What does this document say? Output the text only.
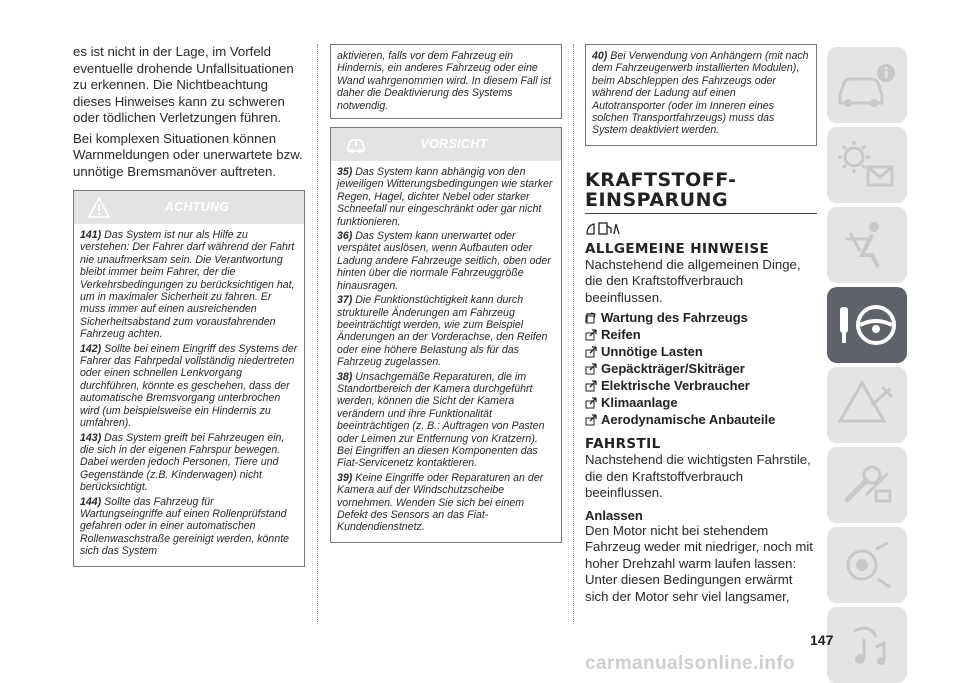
es ist nicht in der Lage, im Vorfeld eventuelle drohende Unfallsituationen zu erkennen. Die Nichtbeachtung dieses Hinweises kann zu schweren oder tödlichen Verletzungen führen.

Bei komplexen Situationen können Warnmeldungen oder unerwartete bzw. unnötige Bremsmanöver auftreten.

ACHTUNG

141) Das System ist nur als Hilfe zu verstehen: Der Fahrer darf während der Fahrt nie unaufmerksam sein. Die Verantwortung bleibt immer beim Fahrer, der die Verkehrsbedingungen zu berücksichtigen hat, um in maximaler Sicherheit zu fahren. Er muss immer auf einen ausreichenden Sicherheitsabstand zum vorausfahrenden Fahrzeug achten.

142) Sollte bei einem Eingriff des Systems der Fahrer das Fahrpedal vollständig niedertreten oder einen schnellen Lenkvorgang durchführen, könnte es geschehen, dass der automatische Bremsvorgang unterbrochen wird (um beispielsweise ein Hindernis zu umfahren).

143) Das System greift bei Fahrzeugen ein, die sich in der eigenen Fahrspur bewegen. Dabei werden jedoch Personen, Tiere und Gegenstände (z.B. Kinderwagen) nicht berücksichtigt.

144) Sollte das Fahrzeug für Wartungseingriffe auf einen Rollenprüfstand gefahren oder in einer automatischen Rollenwaschstraße gereinigt werden, könnte sich das System

aktivieren, falls vor dem Fahrzeug ein Hindernis, ein anderes Fahrzeug oder eine Wand wahrgenommen wird. In diesem Fall ist daher die Deaktivierung des Systems notwendig.
VORSICHT

35) Das System kann abhängig von den jeweiligen Witterungsbedingungen wie starker Regen, Hagel, dichter Nebel oder starker Schneefall nur eingeschränkt oder gar nicht funktionieren.

36) Das System kann unerwartet oder verspätet auslösen, wenn Aufbauten oder Ladung andere Fahrzeuge seitlich, oben oder hinten über die normale Fahrzeuggröße hinausragen.

37) Die Funktionstüchtigkeit kann durch strukturelle Änderungen am Fahrzeug beeinträchtigt werden, wie zum Beispiel Änderungen an der Vorderachse, den Reifen oder eine höhere Belastung als für das Fahrzeug zugelassen.

38) Unsachgemäße Reparaturen, die im Standortbereich der Kamera durchgeführt werden, können die Sicht der Kamera verändern und ihre Funktionalität beeinträchtigen (z. B.: Auftragen von Pasten oder Leimen zur Entfernung von Kratzern). Bei Eingriffen an diesen Komponenten das Fiat-Servicenetz kontaktieren.

39) Keine Eingriffe oder Reparaturen an der Kamera auf der Windschutzscheibe vornehmen. Wenden Sie sich bei einem Defekt des Sensors an das Fiat-Kundendienstnetz.

40) Bei Verwendung von Anhängern (mit nach dem Fahrzeugerwerb installierten Modulen), beim Abschleppen des Fahrzeugs oder während der Ladung auf einen Autotransporter (oder im Inneren eines solchen Transportfahrzeugs) muss das System deaktiviert werden.

KRAFTSTOFF-EINSPARUNG
ALLGEMEINE HINWEISE

Nachstehend die allgemeinen Dinge, die den Kraftstoffverbrauch beeinflussen.

Wartung des Fahrzeugs
Reifen
Unnötige Lasten
Gepäckträger/Skiträger
Elektrische Verbraucher
Klimaanlage
Aerodynamische Anbauteile
FAHRSTIL

Nachstehend die wichtigsten Fahrstile, die den Kraftstoffverbrauch beeinflussen.

Anlassen

Den Motor nicht bei stehendem Fahrzeug weder mit niedriger, noch mit hoher Drehzahl warm laufen lassen:

Unter diesen Bedingungen erwärmt sich der Motor sehr viel langsamer,

147
carmanualsonline.info
